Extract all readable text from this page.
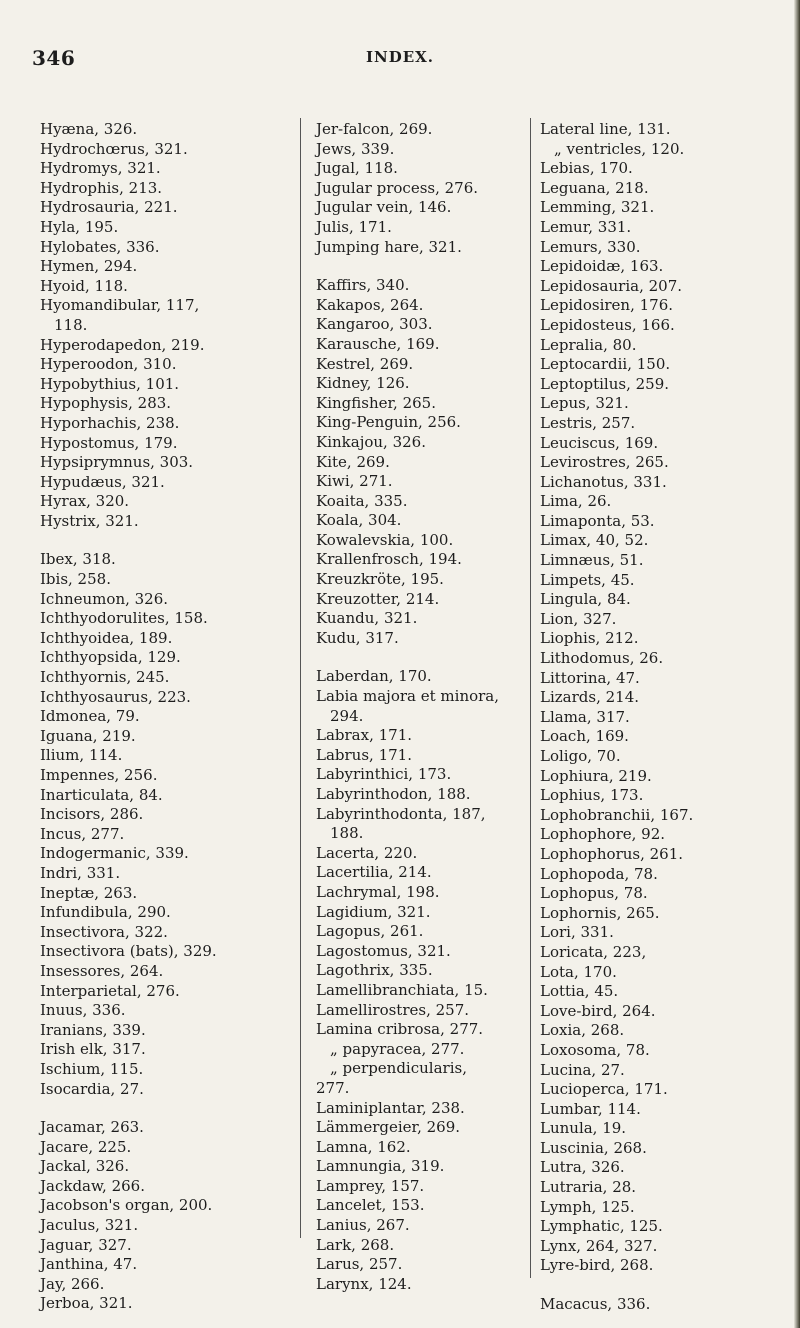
346	INDEX.
Hyæna, 326.
Hydrochœrus, 321.
Hydromys, 321.
Hydrophis, 213.
Hydrosauria, 221.
Hyla, 195.
Hylobates, 336.
Hymen, 294.
Hyoid, 118.
Hyomandibular, 117,
118.
Hyperodapedon, 219.
Hyperoodon, 310.
Hypobythius, 101.
Hypophysis, 283.
Hyporhachis, 238.
Hypostomus, 179.
Hypsiprymnus, 303.
Hypudæus, 321.
Hyrax, 320.
Hystrix, 321.
Ibex, 318.
Ibis, 258.
Ichneumon, 326.
Ichthyodorulites, 158.
Ichthyoidea, 189.
Ichthyopsida, 129.
Ichthyornis, 245.
Ichthyosaurus, 223.
Idmonea, 79.
Iguana, 219.
Ilium, 114.
Impennes, 256.
Inarticulata, 84.
Incisors, 286.
Incus, 277.
Indogermanic, 339.
Indri, 331.
Ineptæ, 263.
Infundibula, 290.
Insectivora, 322.
Insectivora (bats), 329.
Insessores, 264.
Interparietal, 276.
Inuus, 336.
Iranians, 339.
Irish elk, 317.
Ischium, 115.
Isocardia, 27.
Jacamar, 263.
Jacare, 225.
Jackal, 326.
Jackdaw, 266.
Jacobson's organ, 200.
Jaculus, 321.
Jaguar, 327.
Janthina, 47.
Jay, 266.
Jerboa, 321.
Jer-falcon, 269.
Jews, 339.
Jugal, 118.
Jugular process, 276.
Jugular vein, 146.
Julis, 171.
Jumping hare, 321.
Kaffirs, 340.
Kakapos, 264.
Kangaroo, 303.
Karausche, 169.
Kestrel, 269.
Kidney, 126.
Kingfisher, 265.
King-Penguin, 256.
Kinkajou, 326.
Kite, 269.
Kiwi, 271.
Koaita, 335.
Koala, 304.
Kowalevskia, 100.
Krallenfrosch, 194.
Kreuzkröte, 195.
Kreuzotter, 214.
Kuandu, 321.
Kudu, 317.
Laberdan, 170.
Labia majora et minora,
294.
Labrax, 171.
Labrus, 171.
Labyrinthici, 173.
Labyrinthodon, 188.
Labyrinthodonta, 187,
188.
Lacerta, 220.
Lacertilia, 214.
Lachrymal, 198.
Lagidium, 321.
Lagopus, 261.
Lagostomus, 321.
Lagothrix, 335.
Lamellibranchiata, 15.
Lamellirostres, 257.
Lamina cribrosa, 277.
„ papyracea, 277.
„ perpendicularis,
277.
Laminiplantar, 238.
Lämmergeier, 269.
Lamna, 162.
Lamnungia, 319.
Lamprey, 157.
Lancelet, 153.
Lanius, 267.
Lark, 268.
Larus, 257.
Larynx, 124.
Lateral line, 131.
„ ventricles, 120.
Lebias, 170.
Leguana, 218.
Lemming, 321.
Lemur, 331.
Lemurs, 330.
Lepidoidæ, 163.
Lepidosauria, 207.
Lepidosiren, 176.
Lepidosteus, 166.
Lepralia, 80.
Leptocardii, 150.
Leptoptilus, 259.
Lepus, 321.
Lestris, 257.
Leuciscus, 169.
Levirostres, 265.
Lichanotus, 331.
Lima, 26.
Limaponta, 53.
Limax, 40, 52.
Limnæus, 51.
Limpets, 45.
Lingula, 84.
Lion, 327.
Liophis, 212.
Lithodomus, 26.
Littorina, 47.
Lizards, 214.
Llama, 317.
Loach, 169.
Loligo, 70.
Lophiura, 219.
Lophius, 173.
Lophobranchii, 167.
Lophophore, 92.
Lophophorus, 261.
Lophopoda, 78.
Lophopus, 78.
Lophornis, 265.
Lori, 331.
Loricata, 223,
Lota, 170.
Lottia, 45.
Love-bird, 264.
Loxia, 268.
Loxosoma, 78.
Lucina, 27.
Lucioperca, 171.
Lumbar, 114.
Lunula, 19.
Luscinia, 268.
Lutra, 326.
Lutraria, 28.
Lymph, 125.
Lymphatic, 125.
Lynx, 264, 327.
Lyre-bird, 268.
Macacus, 336.
